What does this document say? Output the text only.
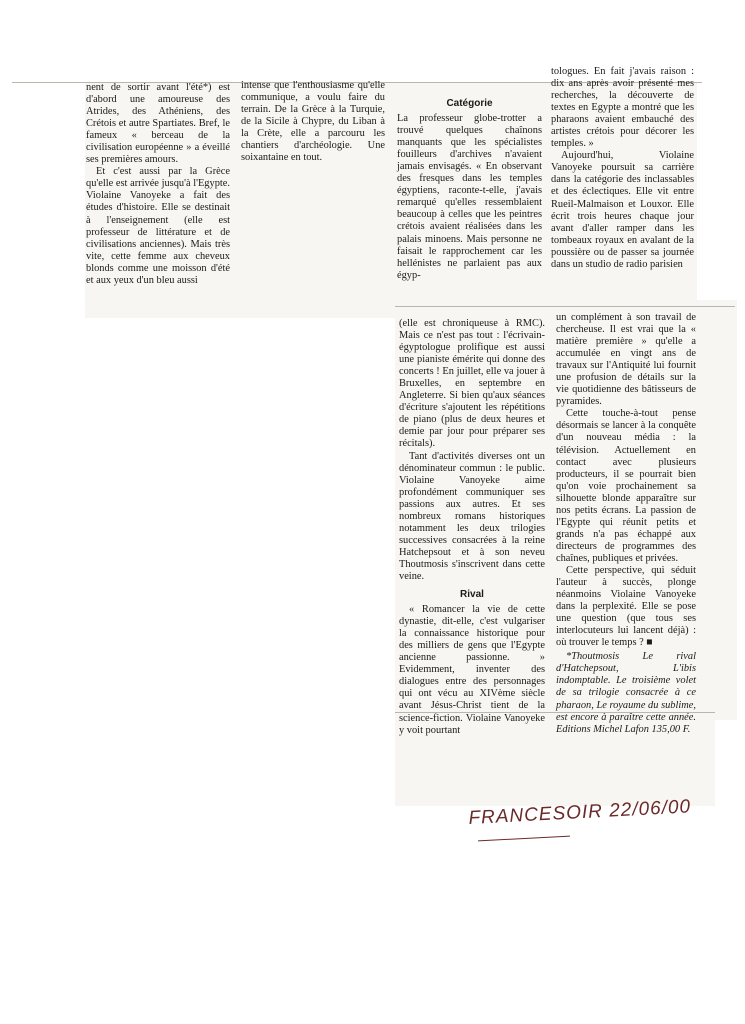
nent de sortir avant l'été*) est d'abord une amoureuse des Atrides, des Athéniens, des Crétois et autre Spartiates. Bref, le fameux « berceau de la civilisation européenne » a éveillé ses premières amours.

Et c'est aussi par la Grèce qu'elle est arrivée jusqu'à l'Egypte. Violaine Vanoyeke a fait des études d'histoire. Elle se destinait à l'enseignement (elle est professeur de littérature et de civilisations anciennes). Mais très vite, cette femme aux cheveux blonds comme une moisson d'été et aux yeux d'un bleu aussi

intense que l'enthousiasme qu'elle communique, a voulu faire du terrain. De la Grèce à la Turquie, de la Sicile à Chypre, du Liban à la Crète, elle a parcouru les chantiers d'archéologie. Une soixantaine en tout.

Catégorie

La professeur globe-trotter a trouvé quelques chaînons manquants que les spécialistes fouilleurs d'archives n'avaient jamais envisagés. « En observant des fresques dans les temples égyptiens, raconte-t-elle, j'avais remarqué qu'elles ressemblaient beaucoup à celles que les peintres crétois avaient réalisées dans les palais minoens. Mais personne ne faisait le rapprochement car les hellénistes ne parlaient pas aux égyp-

tologues. En fait j'avais raison : dix ans après avoir présenté mes recherches, la découverte de textes en Egypte a montré que les pharaons avaient embauché des artistes crétois pour décorer les temples. »

Aujourd'hui, Violaine Vanoyeke poursuit sa carrière dans la catégorie des inclassables et des éclectiques. Elle vit entre Rueil-Malmaison et Louxor. Elle écrit trois heures chaque jour avant d'aller ramper dans les tombeaux royaux en avalant de la poussière ou de passer sa journée dans un studio de radio parisien

(elle est chroniqueuse à RMC). Mais ce n'est pas tout : l'écrivain-égyptologue prolifique est aussi une pianiste émérite qui donne des concerts ! En juillet, elle va jouer à Bruxelles, en septembre en Angleterre. Si bien qu'aux séances d'écriture s'ajoutent les répétitions de piano (plus de deux heures et demie par jour pour préparer ses récitals).

Tant d'activités diverses ont un dénominateur commun : le public. Violaine Vanoyeke aime profondément communiquer ses passions aux autres. Et ses nombreux romans historiques notamment les deux trilogies successives consacrées à la reine Hatchepsout et à son neveu Thoutmosis s'inscrivent dans cette veine.

Rival

« Romancer la vie de cette dynastie, dit-elle, c'est vulgariser la connaissance historique pour des milliers de gens que l'Egypte ancienne passionne. » Evidemment, inventer des dialogues entre des personnages qui ont vécu au XIVème siècle avant Jésus-Christ tient de la science-fiction. Violaine Vanoyeke y voit pourtant

un complément à son travail de chercheuse. Il est vrai que la « matière première » qu'elle a accumulée en vingt ans de travaux sur l'Antiquité lui fournit une profusion de détails sur la vie quotidienne des bâtisseurs de pyramides.

Cette touche-à-tout pense désormais se lancer à la conquête d'un nouveau média : la télévision. Actuellement en contact avec plusieurs producteurs, il se pourrait bien qu'on voie prochainement sa silhouette blonde apparaître sur nos petits écrans. La passion de l'Egypte qui réunit petits et grands n'a pas échappé aux directeurs de programmes des chaînes, publiques et privées.

Cette perspective, qui séduit l'auteur à succès, plonge néanmoins Violaine Vanoyeke dans la perplexité. Elle se pose une question (que tous ses interlocuteurs lui lancent déjà) : où trouver le temps ? ■

*Thoutmosis Le rival d'Hatchepsout, L'ibis indomptable. Le troisième volet de sa trilogie consacrée à ce pharaon, Le royaume du sublime, est encore à paraître cette année. Editions Michel Lafon 135,00 F.

FRANCESOIR 22/06/00
